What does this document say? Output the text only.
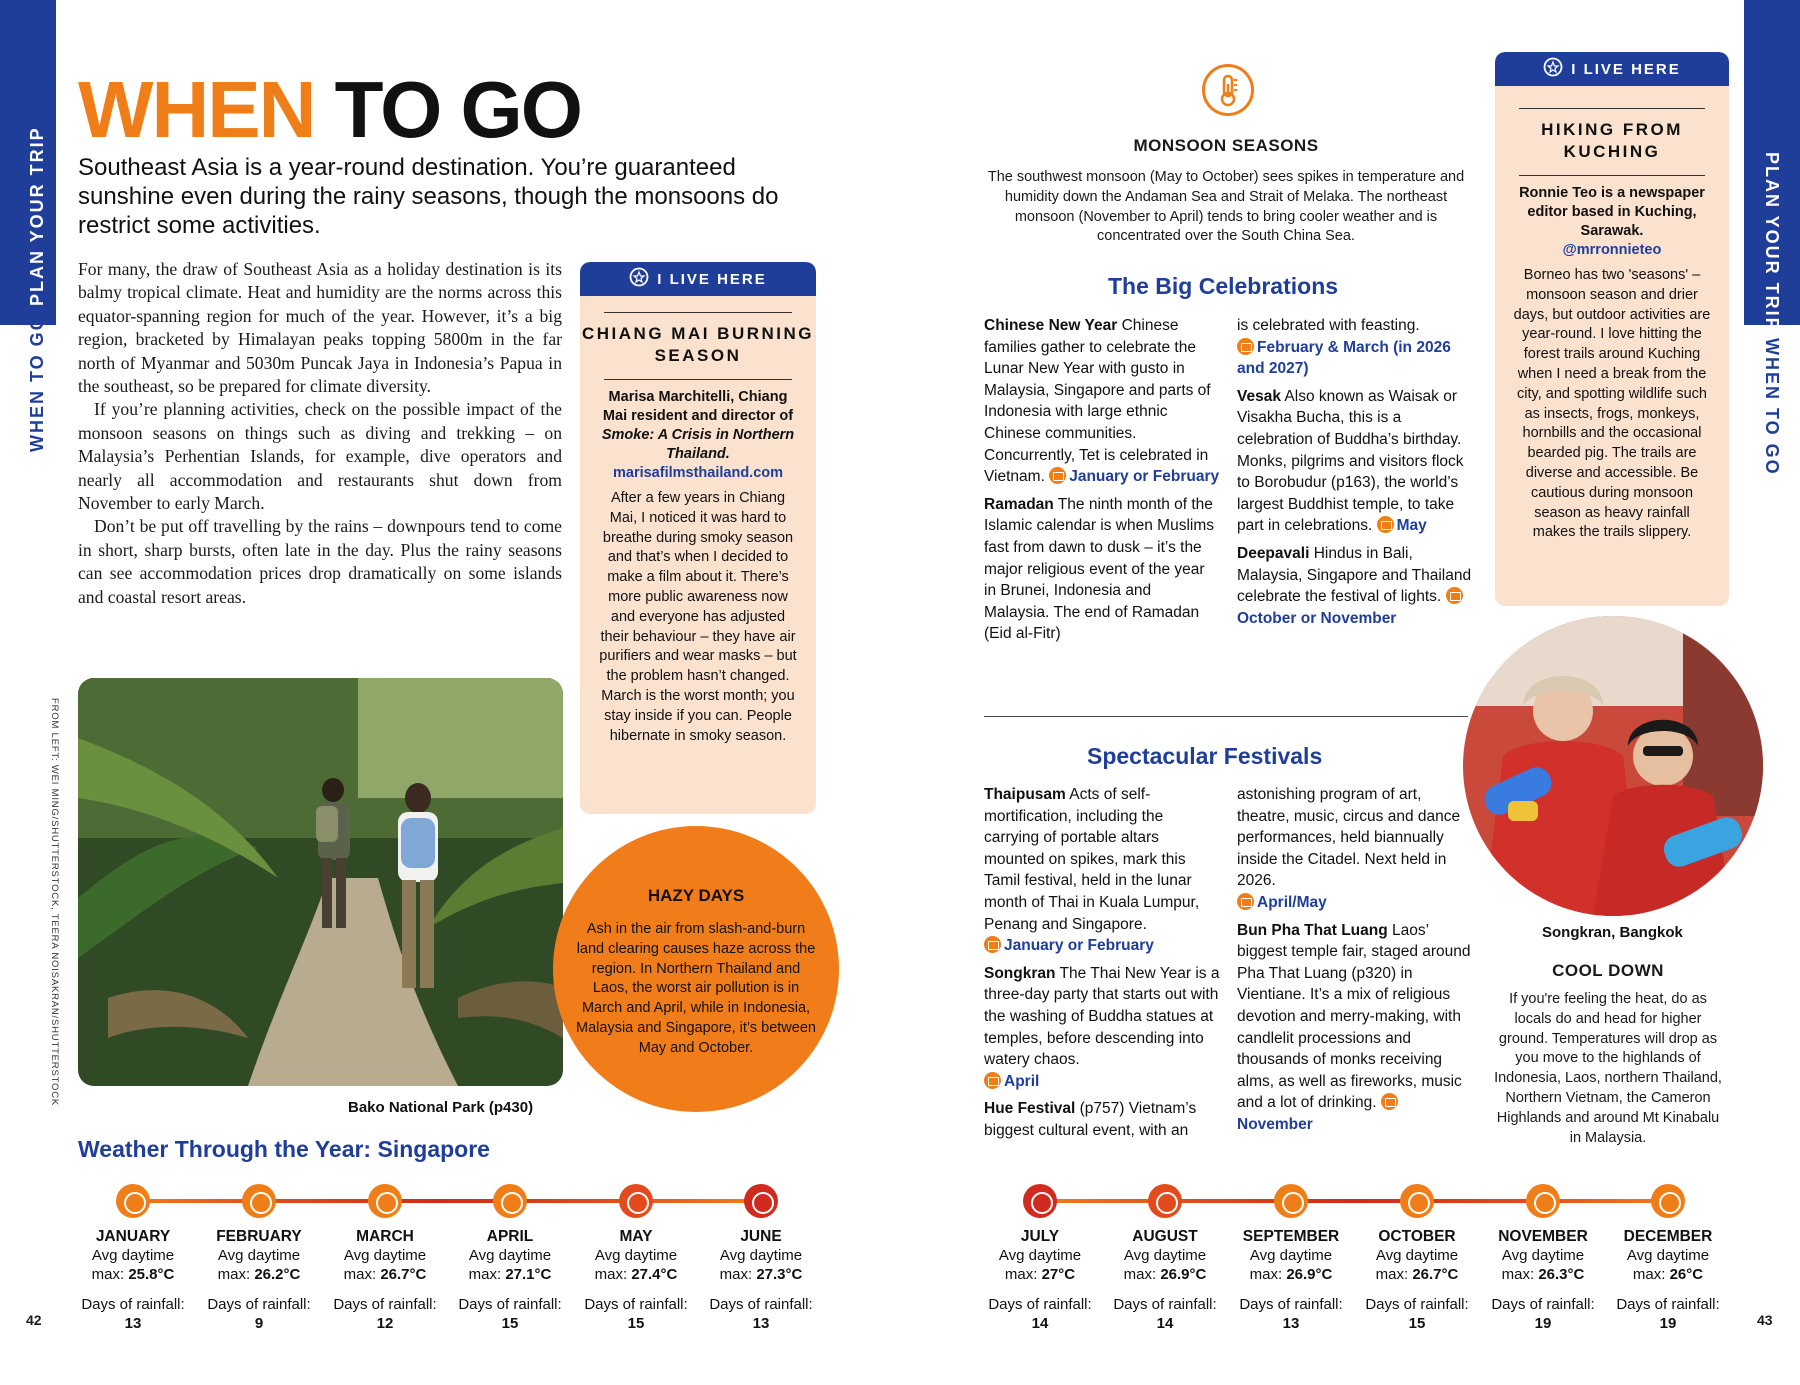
PLAN YOUR TRIP
WHEN TO GO
PLAN YOUR TRIP
WHEN TO GO
WHEN TO GO

Southeast Asia is a year-round destination. You’re guaranteed sunshine even during the rainy seasons, though the monsoons do restrict some activities.

For many, the draw of Southeast Asia as a holiday destination is its balmy tropical climate. Heat and humidity are the norms across this equator-spanning region for much of the year. However, it’s a big region, bracketed by Himalayan peaks topping 5800m in the far north of Myanmar and 5030m Puncak Jaya in Indonesia’s Papua in the southeast, so be prepared for climate diversity.

If you’re planning activities, check on the possible impact of the monsoon seasons on things such as diving and trekking – on Malaysia’s Perhentian Islands, for example, dive operators and nearly all accommodation and restaurants shut down from November to early March.

Don’t be put off travelling by the rains – downpours tend to come in short, sharp bursts, often late in the day. Plus the rainy seasons can see accommodation prices drop dramatically on some islands and coastal resort areas.

FROM LEFT: WEI MING/SHUTTERSTOCK, TEERA NOISAKRAN/SHUTTERSTOCK
Bako National Park (p430)
I LIVE HERE
CHIANG MAI BURNING SEASON
Marisa Marchitelli, Chiang Mai resident and director of Smoke: A Crisis in Northern Thailand.
marisafilmsthailand.com
After a few years in Chiang Mai, I noticed it was hard to breathe during smoky season and that’s when I decided to make a film about it. There’s more public awareness now and everyone has adjusted their behaviour – they have air purifiers and wear masks – but the problem hasn’t changed. March is the worst month; you stay inside if you can. People hibernate in smoky season.
HAZY DAYS

Ash in the air from slash-and-burn land clearing causes haze across the region. In Northern Thailand and Laos, the worst air pollution is in March and April, while in Indonesia, Malaysia and Singapore, it’s between May and October.

MONSOON SEASONS
The southwest monsoon (May to October) sees spikes in temperature and humidity down the Andaman Sea and Strait of Melaka. The northeast monsoon (November to April) tends to bring cooler weather and is concentrated over the South China Sea.
The Big Celebrations

Chinese New Year Chinese families gather to celebrate the Lunar New Year with gusto in Malaysia, Singapore and parts of Indonesia with large ethnic Chinese communities. Concurrently, Tet is celebrated in Vietnam. January or February

Ramadan The ninth month of the Islamic calendar is when Muslims fast from dawn to dusk – it’s the major religious event of the year in Brunei, Indonesia and Malaysia. The end of Ramadan (Eid al-Fitr)

is celebrated with feasting.
February & March (in 2026 and 2027)

Vesak Also known as Waisak or Visakha Bucha, this is a celebration of Buddha’s birthday. Monks, pilgrims and visitors flock to Borobudur (p163), the world’s largest Buddhist temple, to take part in celebrations. May

Deepavali Hindus in Bali, Malaysia, Singapore and Thailand celebrate the festival of lights. October or November

Spectacular Festivals

Thaipusam Acts of self-mortification, including the carrying of portable altars mounted on spikes, mark this Tamil festival, held in the lunar month of Thai in Kuala Lumpur, Penang and Singapore.
January or February

Songkran The Thai New Year is a three-day party that starts out with the washing of Buddha statues at temples, before descending into watery chaos.
April

Hue Festival (p757) Vietnam’s biggest cultural event, with an

astonishing program of art, theatre, music, circus and dance performances, held biannually inside the Citadel. Next held in 2026.
April/May

Bun Pha That Luang Laos’ biggest temple fair, staged around Pha That Luang (p320) in Vientiane. It’s a mix of religious devotion and merry-making, with candlelit processions and thousands of monks receiving alms, as well as fireworks, music and a lot of drinking. November

I LIVE HERE
HIKING FROM KUCHING
Ronnie Teo is a newspaper editor based in Kuching, Sarawak.
@mrronnieteo
Borneo has two 'seasons' – monsoon season and drier days, but outdoor activities are year-round. I love hitting the forest trails around Kuching when I need a break from the city, and spotting wildlife such as insects, frogs, monkeys, hornbills and the occasional bearded pig. The trails are diverse and accessible. Be cautious during monsoon season as heavy rainfall makes the trails slippery.
Songkran, Bangkok
COOL DOWN
If you're feeling the heat, do as locals do and head for higher ground. Temperatures will drop as you move to the highlands of Indonesia, Laos, northern Thailand, Northern Vietnam, the Cameron Highlands and around Mt Kinabalu in Malaysia.
Weather Through the Year: Singapore
JANUARY
Avg daytime
max: 25.8°C
Days of rainfall:
13
FEBRUARY
Avg daytime
max: 26.2°C
Days of rainfall:
9
MARCH
Avg daytime
max: 26.7°C
Days of rainfall:
12
APRIL
Avg daytime
max: 27.1°C
Days of rainfall:
15
MAY
Avg daytime
max: 27.4°C
Days of rainfall:
15
JUNE
Avg daytime
max: 27.3°C
Days of rainfall:
13
JULY
Avg daytime
max: 27°C
Days of rainfall:
14
AUGUST
Avg daytime
max: 26.9°C
Days of rainfall:
14
SEPTEMBER
Avg daytime
max: 26.9°C
Days of rainfall:
13
OCTOBER
Avg daytime
max: 26.7°C
Days of rainfall:
15
NOVEMBER
Avg daytime
max: 26.3°C
Days of rainfall:
19
DECEMBER
Avg daytime
max: 26°C
Days of rainfall:
19
42	43
